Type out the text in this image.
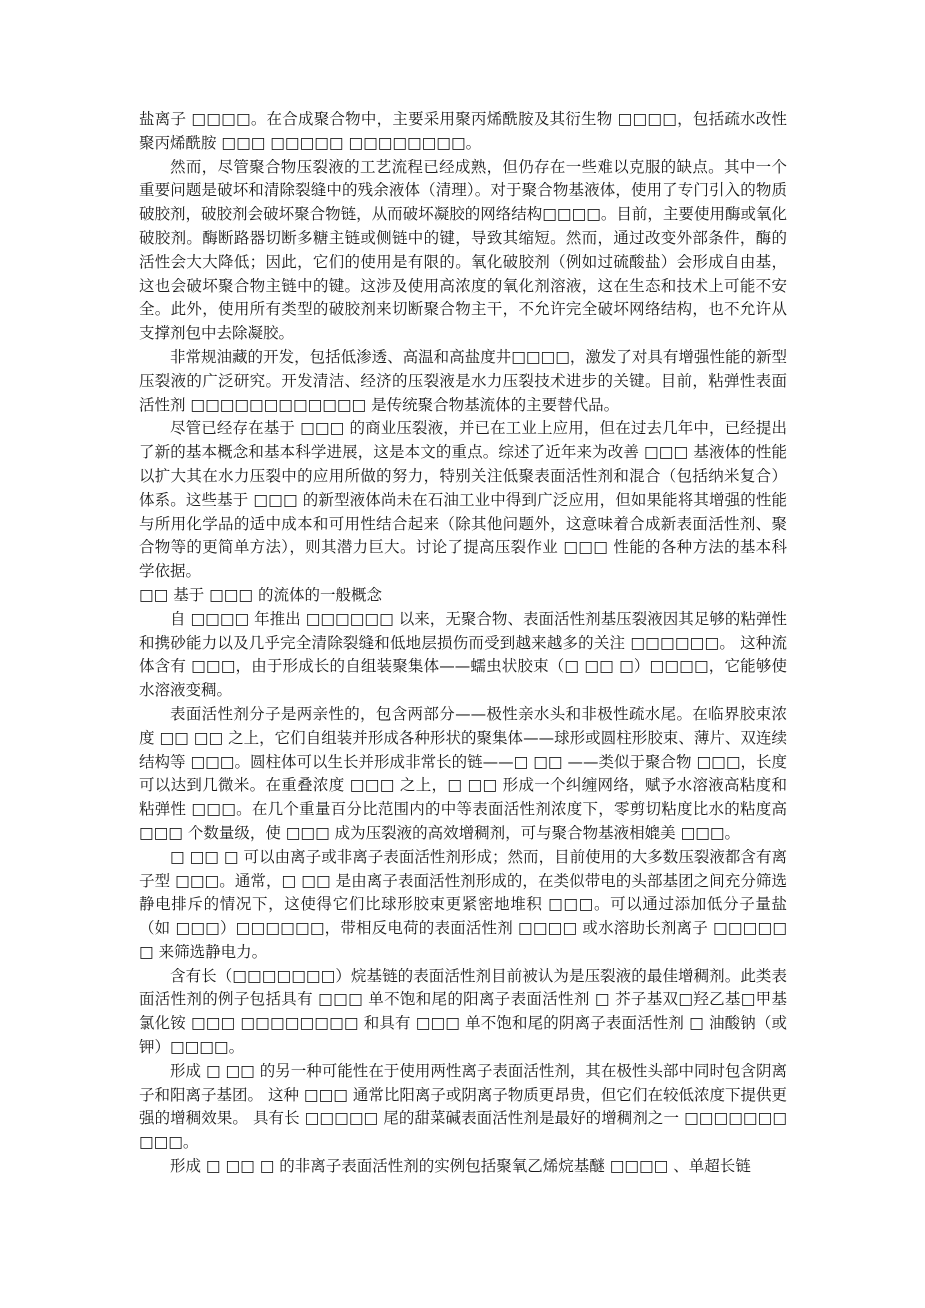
盐离子 □□□□。在合成聚合物中，主要采用聚丙烯酰胺及其衍生物 □□□□，包括疏水改性聚丙烯酰胺 □□□ □□□□□ □□□□□□□□。

然而，尽管聚合物压裂液的工艺流程已经成熟，但仍存在一些难以克服的缺点。其中一个重要问题是破坏和清除裂缝中的残余液体（清理）。对于聚合物基液体，使用了专门引入的物质破胶剂，破胶剂会破坏聚合物链，从而破坏凝胶的网络结构□□□□。目前，主要使用酶或氧化破胶剂。酶断路器切断多糖主链或侧链中的键，导致其缩短。然而，通过改变外部条件，酶的活性会大大降低；因此，它们的使用是有限的。氧化破胶剂（例如过硫酸盐）会形成自由基，这也会破坏聚合物主链中的键。这涉及使用高浓度的氧化剂溶液，这在生态和技术上可能不安全。此外，使用所有类型的破胶剂来切断聚合物主干，不允许完全破坏网络结构，也不允许从支撑剂包中去除凝胶。

非常规油藏的开发，包括低渗透、高温和高盐度井□□□□，激发了对具有增强性能的新型压裂液的广泛研究。开发清洁、经济的压裂液是水力压裂技术进步的关键。目前，粘弹性表面活性剂 □□□□□□□□□□□□ 是传统聚合物基流体的主要替代品。

尽管已经存在基于 □□□ 的商业压裂液，并已在工业上应用，但在过去几年中，已经提出了新的基本概念和基本科学进展，这是本文的重点。综述了近年来为改善 □□□ 基液体的性能以扩大其在水力压裂中的应用所做的努力，特别关注低聚表面活性剂和混合（包括纳米复合）体系。这些基于 □□□ 的新型液体尚未在石油工业中得到广泛应用，但如果能将其增强的性能与所用化学品的适中成本和可用性结合起来（除其他问题外，这意味着合成新表面活性剂、聚合物等的更简单方法），则其潜力巨大。讨论了提高压裂作业 □□□ 性能的各种方法的基本科学依据。

□□ 基于 □□□ 的流体的一般概念

自 □□□□ 年推出 □□□□□□ 以来，无聚合物、表面活性剂基压裂液因其足够的粘弹性和携砂能力以及几乎完全清除裂缝和低地层损伤而受到越来越多的关注 □□□□□□。 这种流体含有 □□□，由于形成长的自组装聚集体——蠕虫状胶束（□ □□ □）□□□□，它能够使水溶液变稠。

表面活性剂分子是两亲性的，包含两部分——极性亲水头和非极性疏水尾。在临界胶束浓度 □□ □□ 之上，它们自组装并形成各种形状的聚集体——球形或圆柱形胶束、薄片、双连续结构等 □□□。圆柱体可以生长并形成非常长的链——□ □□ ——类似于聚合物 □□□，长度可以达到几微米。在重叠浓度 □□□ 之上，□ □□ 形成一个纠缠网络，赋予水溶液高粘度和粘弹性 □□□。在几个重量百分比范围内的中等表面活性剂浓度下，零剪切粘度比水的粘度高 □□□ 个数量级，使 □□□ 成为压裂液的高效增稠剂，可与聚合物基液相媲美 □□□。

□ □□ □ 可以由离子或非离子表面活性剂形成；然而，目前使用的大多数压裂液都含有离子型 □□□。通常，□ □□ 是由离子表面活性剂形成的，在类似带电的头部基团之间充分筛选静电排斥的情况下，这使得它们比球形胶束更紧密地堆积 □□□。可以通过添加低分子量盐（如 □□□）□□□□□□，带相反电荷的表面活性剂 □□□□ 或水溶助长剂离子 □□□□□□ 来筛选静电力。

含有长（□□□□□□□）烷基链的表面活性剂目前被认为是压裂液的最佳增稠剂。此类表面活性剂的例子包括具有 □□□ 单不饱和尾的阳离子表面活性剂 □ 芥子基双□羟乙基□甲基氯化铵 □□□ □□□□□□□□ 和具有 □□□ 单不饱和尾的阴离子表面活性剂 □ 油酸钠（或钾）□□□□。

形成 □ □□ 的另一种可能性在于使用两性离子表面活性剂，其在极性头部中同时包含阴离子和阳离子基团。 这种 □□□ 通常比阳离子或阴离子物质更昂贵，但它们在较低浓度下提供更强的增稠效果。 具有长 □□□□□ 尾的甜菜碱表面活性剂是最好的增稠剂之一 □□□□□□□□□□。

形成 □ □□ □ 的非离子表面活性剂的实例包括聚氧乙烯烷基醚 □□□□ 、单超长链
